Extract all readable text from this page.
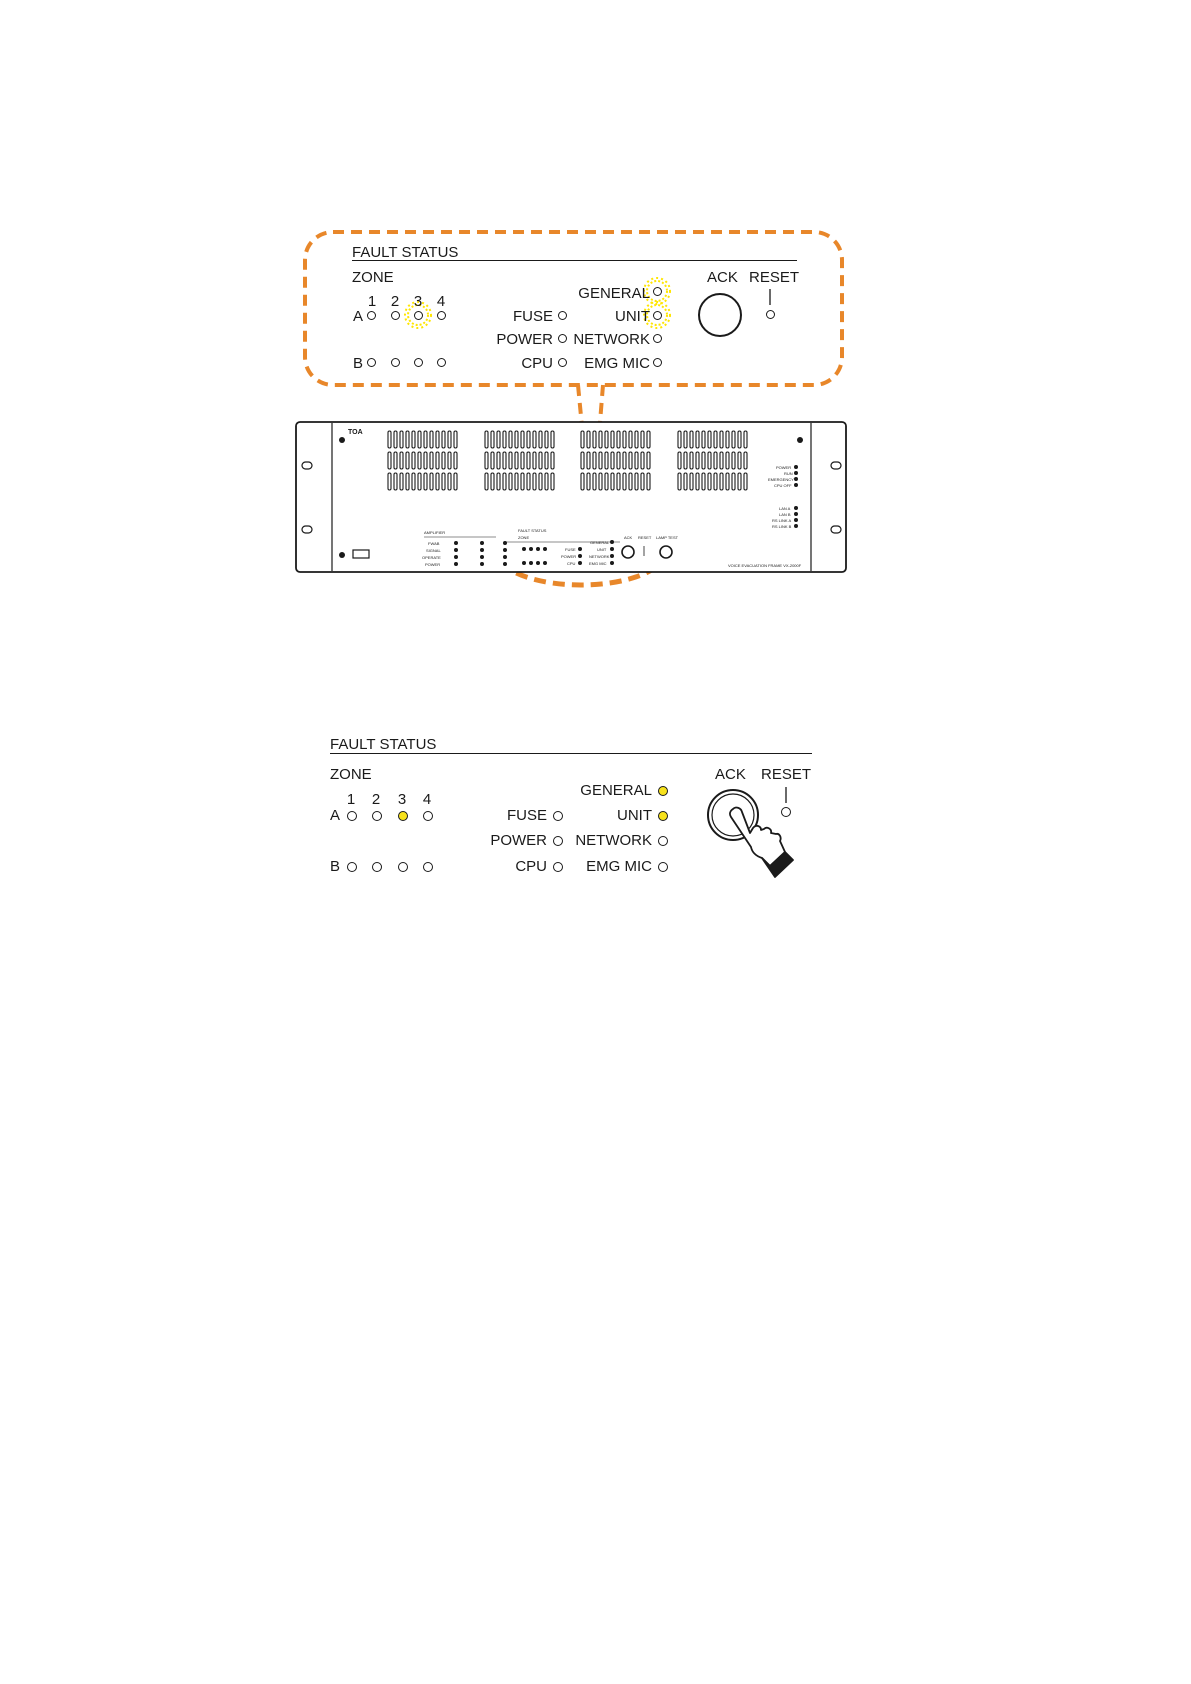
FAULT STATUS
ZONE
1 2 3 4
A
B
FUSE
POWER
CPU
GENERAL
UNIT
NETWORK
EMG MIC
ACK RESET
TOA
AMPLIFIER
FWAB
SIGNAL
OPERATE
POWER
FAULT STATUS
ZONE
FUSE
POWER
CPU
GENERAL
UNIT
NETWORK
EMG MIC
ACK RESET LAMP TEST
VOICE EVACUATION FRAME VX-2000F
POWER
RUN
EMERGENCY
CPU OFF
LAN A
LAN B
RS LINK A
RS LINK B
FAULT STATUS
ZONE
1 2 3 4
A
B
FUSE
POWER
CPU
GENERAL
UNIT
NETWORK
EMG MIC
ACK RESET
